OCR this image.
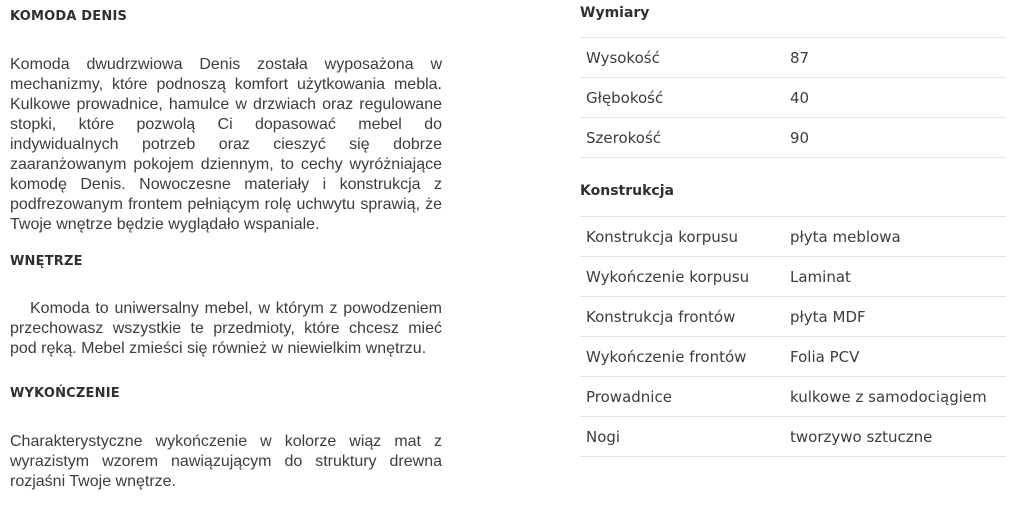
KOMODA DENIS

Komoda dwudrzwiowa Denis została wyposażona w mechanizmy, które podnoszą komfort użytkowania mebla. Kulkowe prowadnice, hamulce w drzwiach oraz regulowane stopki, które pozwolą Ci dopasować mebel do indywidualnych potrzeb oraz cieszyć się dobrze zaaranżowanym pokojem dziennym, to cechy wyróżniające komodę Denis. Nowoczesne materiały i konstrukcja z podfrezowanym frontem pełniącym rolę uchwytu sprawią, że Twoje wnętrze będzie wyglądało wspaniale.

WNĘTRZE

Komoda to uniwersalny mebel, w którym z powodzeniem przechowasz wszystkie te przedmioty, które chcesz mieć pod ręką. Mebel zmieści się również w niewielkim wnętrzu.

WYKOŃCZENIE

Charakterystyczne wykończenie w kolorze wiąz mat z wyrazistym wzorem nawiązującym do struktury drewna rozjaśni Twoje wnętrze.

Wymiary
Wysokość	87
Głębokość	40
Szerokość	90
Konstrukcja
Konstrukcja korpusu	płyta meblowa
Wykończenie korpusu	Laminat
Konstrukcja frontów	płyta MDF
Wykończenie frontów	Folia PCV
Prowadnice	kulkowe z samodociągiem
Nogi	tworzywo sztuczne
